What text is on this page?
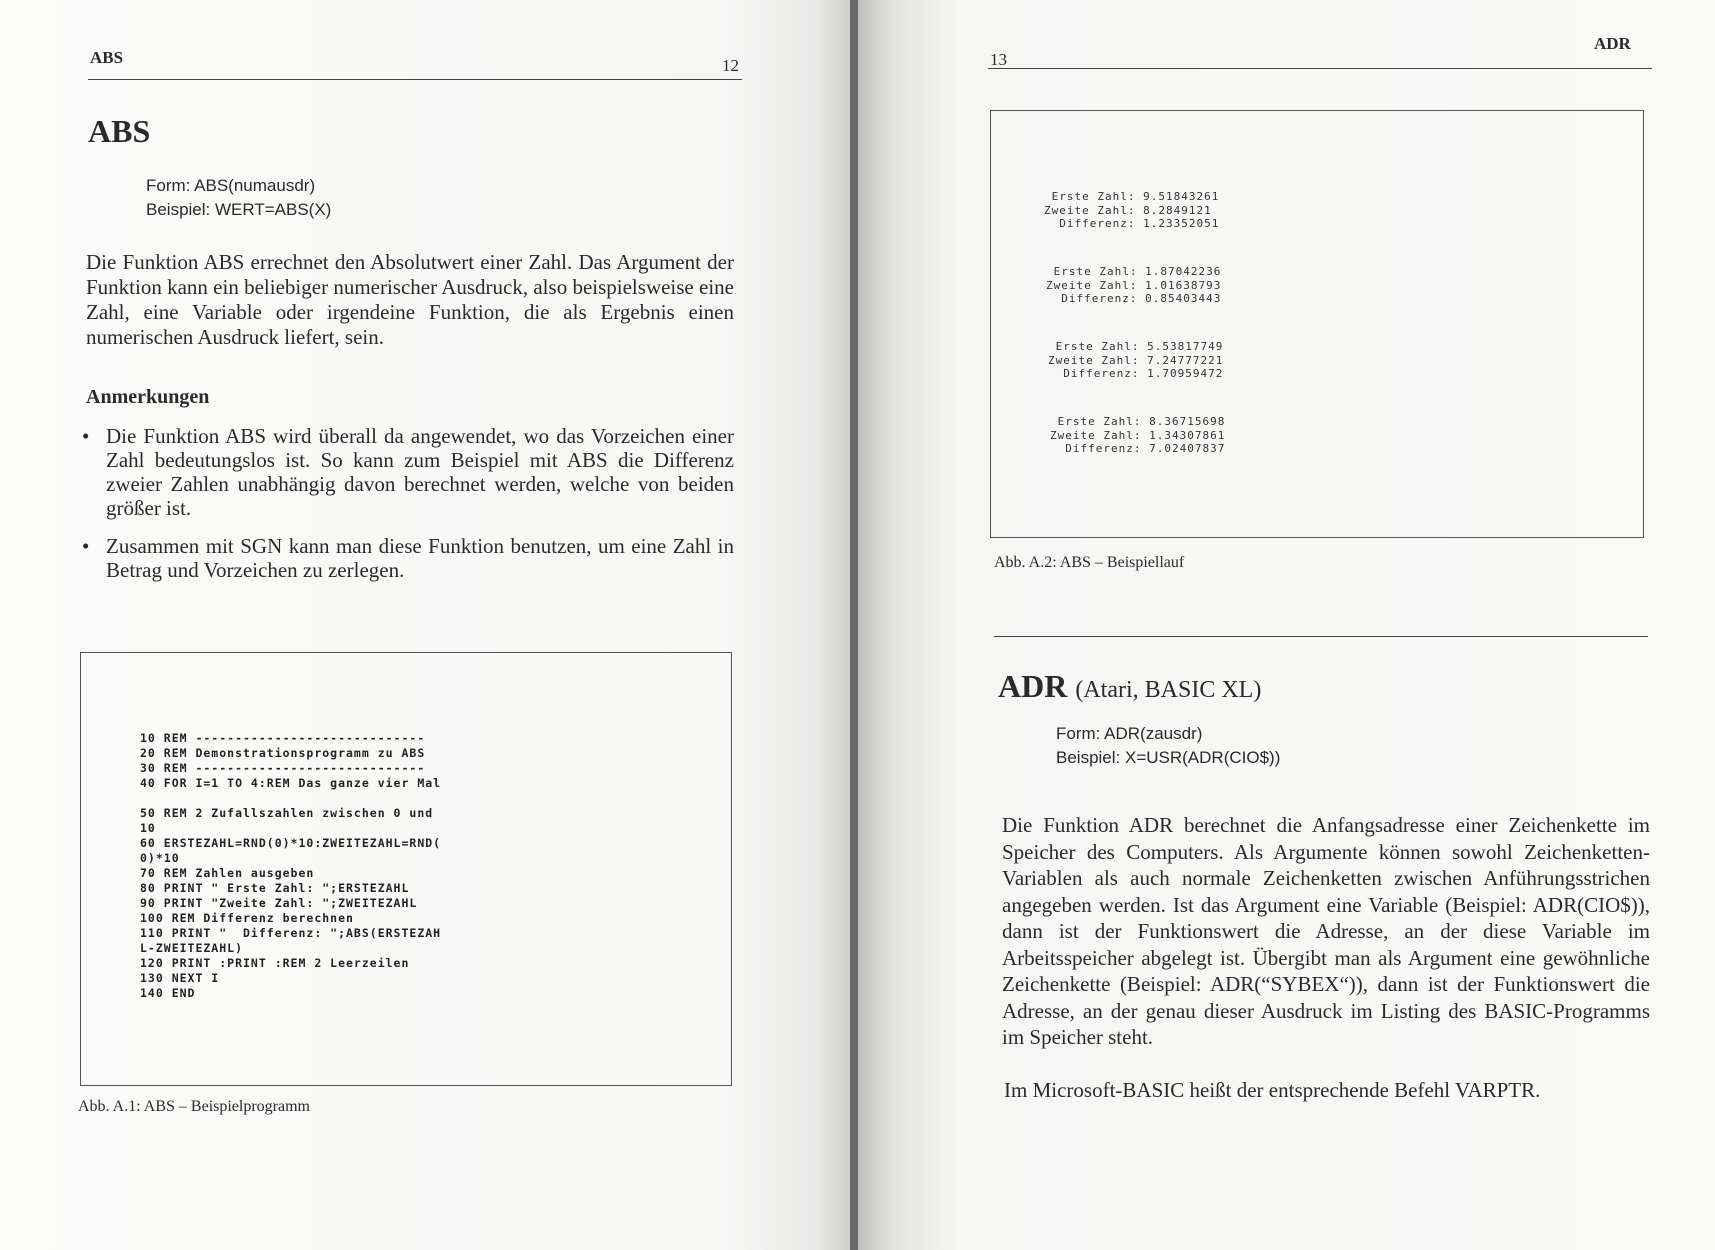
ABS	12
ABS
Form: ABS(numausdr)
Beispiel: WERT=ABS(X)

Die Funktion ABS errechnet den Absolutwert einer Zahl. Das Argument der Funktion kann ein beliebiger numerischer Ausdruck, also beispielsweise eine Zahl, eine Variable oder irgendeine Funktion, die als Ergebnis einen numerischen Ausdruck liefert, sein.

Anmerkungen
• Die Funktion ABS wird überall da angewendet, wo das Vorzeichen einer Zahl bedeutungslos ist. So kann zum Beispiel mit ABS die Differenz zweier Zahlen unabhängig davon berechnet werden, welche von beiden größer ist.
• Zusammen mit SGN kann man diese Funktion benutzen, um eine Zahl in Betrag und Vorzeichen zu zerlegen.
10 REM -----------------------------
20 REM Demonstrationsprogramm zu ABS
30 REM -----------------------------
40 FOR I=1 TO 4:REM Das ganze vier Mal

50 REM 2 Zufallszahlen zwischen 0 und
10
60 ERSTEZAHL=RND(0)*10:ZWEITEZAHL=RND(
0)*10
70 REM Zahlen ausgeben
80 PRINT " Erste Zahl: ";ERSTEZAHL
90 PRINT "Zweite Zahl: ";ZWEITEZAHL
100 REM Differenz berechnen
110 PRINT "  Differenz: ";ABS(ERSTEZAH
L-ZWEITEZAHL)
120 PRINT :PRINT :REM 2 Leerzeilen
130 NEXT I
140 END
Abb. A.1: ABS – Beispielprogramm
13
ADR
Erste Zahl: 9.51843261
Zweite Zahl: 8.2849121
Differenz: 1.23352051
Erste Zahl: 1.87042236
Zweite Zahl: 1.01638793
Differenz: 0.85403443
Erste Zahl: 5.53817749
Zweite Zahl: 7.24777221
Differenz: 1.70959472
Erste Zahl: 8.36715698
Zweite Zahl: 1.34307861
Differenz: 7.02407837
Abb. A.2: ABS – Beispiellauf
ADR (Atari, BASIC XL)
Form: ADR(zausdr)
Beispiel: X=USR(ADR(CIO$))

Die Funktion ADR berechnet die Anfangsadresse einer Zeichenkette im Speicher des Computers. Als Argumente können sowohl Zeichenketten-Variablen als auch normale Zeichenketten zwischen Anführungsstrichen angegeben werden. Ist das Argument eine Variable (Beispiel: ADR(CIO$)), dann ist der Funktionswert die Adresse, an der diese Variable im Arbeitsspeicher abgelegt ist. Übergibt man als Argument eine gewöhnliche Zeichenkette (Beispiel: ADR(“SYBEX“)), dann ist der Funktionswert die Adresse, an der genau dieser Ausdruck im Listing des BASIC-Programms im Speicher steht.

Im Microsoft-BASIC heißt der entsprechende Befehl VARPTR.
